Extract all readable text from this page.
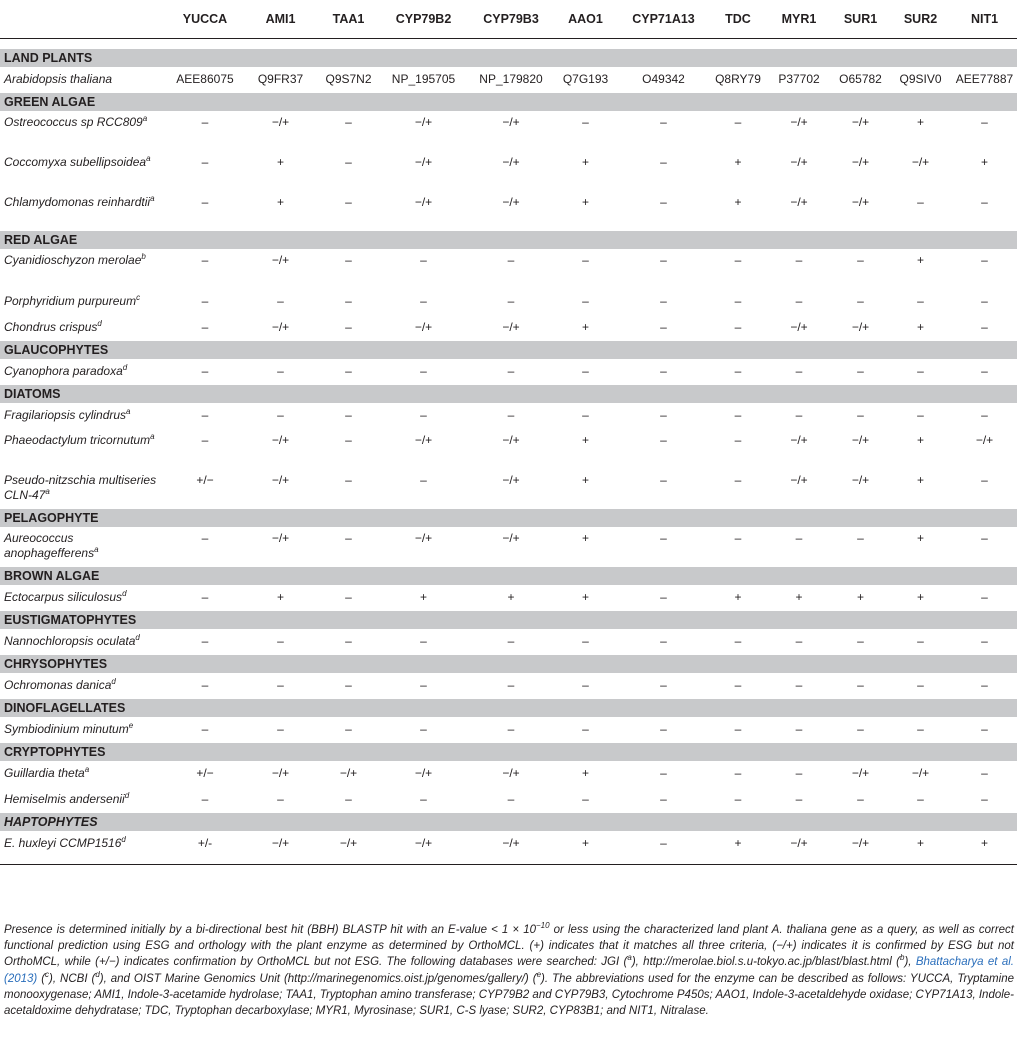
	YUCCA	AMI1	TAA1	CYP79B2	CYP79B3	AAO1	CYP71A13	TDC	MYR1	SUR1	SUR2	NIT1

LAND PLANTS												
Arabidopsis thaliana	AEE86075	Q9FR37	Q9S7N2	NP_195705	NP_179820	Q7G193	O49342	Q8RY79	P37702	O65782	Q9SIV0	AEE77887
GREEN ALGAE												
Ostreococcus sp RCC809$^a$	–	−/+	–	−/+	−/+	–	–	–	−/+	−/+	+	–
Coccomyxa subellipsoidea$^a$	–	+	–	−/+	−/+	+	–	+	−/+	−/+	−/+	+
Chlamydomonas reinhardtii$^a$	–	+	–	−/+	−/+	+	–	+	−/+	−/+	–	–
RED ALGAE												
Cyanidioschyzon merolae$^b$	–	−/+	–	–	–	–	–	–	–	–	+	–
Porphyridium purpureum$^c$	–	–	–	–	–	–	–	–	–	–	–	–
Chondrus crispus$^d$	–	−/+	–	−/+	−/+	+	–	–	−/+	−/+	+	–
GLAUCOPHYTES												
Cyanophora paradoxa$^d$	–	–	–	–	–	–	–	–	–	–	–	–
DIATOMS												
Fragilariopsis cylindrus$^a$	–	–	–	–	–	–	–	–	–	–	–	–
Phaeodactylum tricornutum$^a$	–	−/+	–	−/+	−/+	+	–	–	−/+	−/+	+	−/+
Pseudo-nitzschia multiseries CLN-$47^a$	+/−	−/+	–	–	−/+	+	–	–	−/+	−/+	+	–
PELAGOPHYTE												
Aureococcus anophagefferens$^a$	–	−/+	–	−/+	−/+	+	–	–	–	–	+	–
BROWN ALGAE												
Ectocarpus siliculosus$^d$	–	+	–	+	+	+	–	+	+	+	+	–
EUSTIGMATOPHYTES												
Nannochloropsis oculata$^d$	–	–	–	–	–	–	–	–	–	–	–	–
CHRYSOPHYTES												
Ochromonas danica$^d$	–	–	–	–	–	–	–	–	–	–	–	–
DINOFLAGELLATES												
Symbiodinium minutum$^e$	–	–	–	–	–	–	–	–	–	–	–	–
CRYPTOPHYTES												
Guillardia theta$^a$	+/−	−/+	−/+	−/+	−/+	+	–	–	–	−/+	−/+	–
Hemiselmis andersenii$^d$	–	–	–	–	–	–	–	–	–	–	–	–
HAPTOPHYTES												
E. huxleyi $CCMP1516^d$	+/-	−/+	−/+	−/+	−/+	+	–	+	−/+	−/+	+	+

Presence is determined initially by a bi-directional best hit (BBH) BLASTP hit with an E-value < $1 \times 10^{-10}$ or less using the characterized land plant A. thaliana gene as a query, as well as correct functional prediction using ESG and orthology with the plant enzyme as determined by OrthoMCL. (+) indicates that it matches all three criteria, (−/+) indicates it is confirmed by ESG but not OrthoMCL, while (+/−) indicates confirmation by OrthoMCL but not ESG. The following databases were searched: JGI ($^a$), http://merolae.biol.s.u-tokyo.ac.jp/blast/blast.html ($^b$), Bhattacharya et al. (2013) ($^c$), NCBI ($^d$), and OIST Marine Genomics Unit (http://marinegenomics.oist.jp/genomes/gallery/) ($^e$). The abbreviations used for the enzyme can be described as follows: YUCCA, Tryptamine monooxygenase; AMI1, Indole-3-acetamide hydrolase; TAA1, Tryptophan amino transferase; CYP79B2 and CYP79B3, Cytochrome P450s; AAO1, Indole-3-acetaldehyde oxidase; CYP71A13, Indole-acetaldoxime dehydratase; TDC, Tryptophan decarboxylase; MYR1, Myrosinase; SUR1, C-S lyase; SUR2, CYP83B1; and NIT1, Nitralase.
